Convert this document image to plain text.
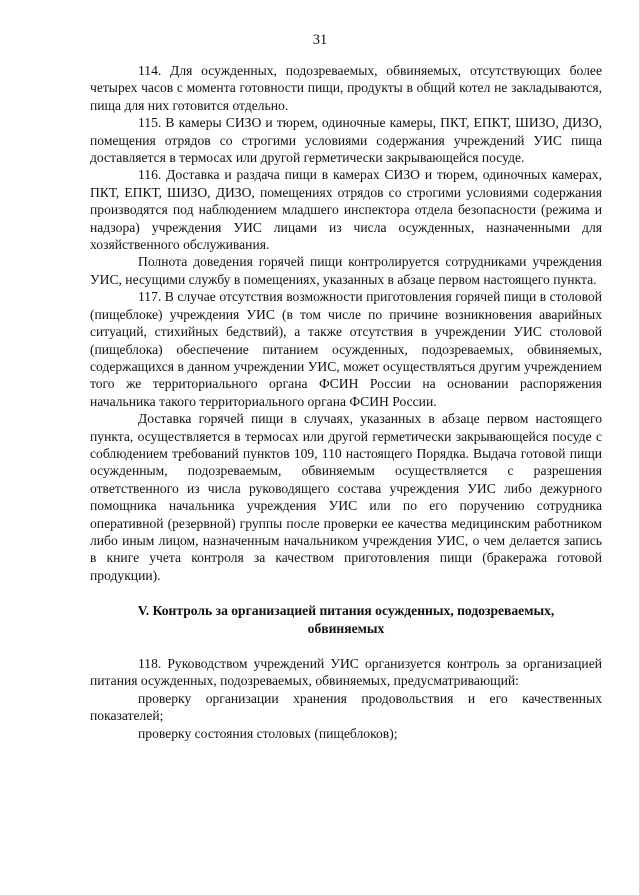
31

114. Для осужденных, подозреваемых, обвиняемых, отсутствующих более четырех часов с момента готовности пищи, продукты в общий котел не закладываются, пища для них готовится отдельно.

115. В камеры СИЗО и тюрем, одиночные камеры, ПКТ, ЕПКТ, ШИЗО, ДИЗО, помещения отрядов со строгими условиями содержания учреждений УИС пища доставляется в термосах или другой герметически закрывающейся посуде.

116. Доставка и раздача пищи в камерах СИЗО и тюрем, одиночных камерах, ПКТ, ЕПКТ, ШИЗО, ДИЗО, помещениях отрядов со строгими условиями содержания производятся под наблюдением младшего инспектора отдела безопасности (режима и надзора) учреждения УИС лицами из числа осужденных, назначенными для хозяйственного обслуживания.

Полнота доведения горячей пищи контролируется сотрудниками учреждения УИС, несущими службу в помещениях, указанных в абзаце первом настоящего пункта.

117. В случае отсутствия возможности приготовления горячей пищи в столовой (пищеблоке) учреждения УИС (в том числе по причине возникновения аварийных ситуаций, стихийных бедствий), а также отсутствия в учреждении УИС столовой (пищеблока) обеспечение питанием осужденных, подозреваемых, обвиняемых, содержащихся в данном учреждении УИС, может осуществляться другим учреждением того же территориального органа ФСИН России на основании распоряжения начальника такого территориального органа ФСИН России.

Доставка горячей пищи в случаях, указанных в абзаце первом настоящего пункта, осуществляется в термосах или другой герметически закрывающейся посуде с соблюдением требований пунктов 109, 110 настоящего Порядка. Выдача готовой пищи осужденным, подозреваемым, обвиняемым осуществляется с разрешения ответственного из числа руководящего состава учреждения УИС либо дежурного помощника начальника учреждения УИС или по его поручению сотрудника оперативной (резервной) группы после проверки ее качества медицинским работником либо иным лицом, назначенным начальником учреждения УИС, о чем делается запись в книге учета контроля за качеством приготовления пищи (бракеража готовой продукции).

V. Контроль за организацией питания осужденных, подозреваемых, обвиняемых

118. Руководством учреждений УИС организуется контроль за организацией питания осужденных, подозреваемых, обвиняемых, предусматривающий:

проверку организации хранения продовольствия и его качественных показателей;

проверку состояния столовых (пищеблоков);
